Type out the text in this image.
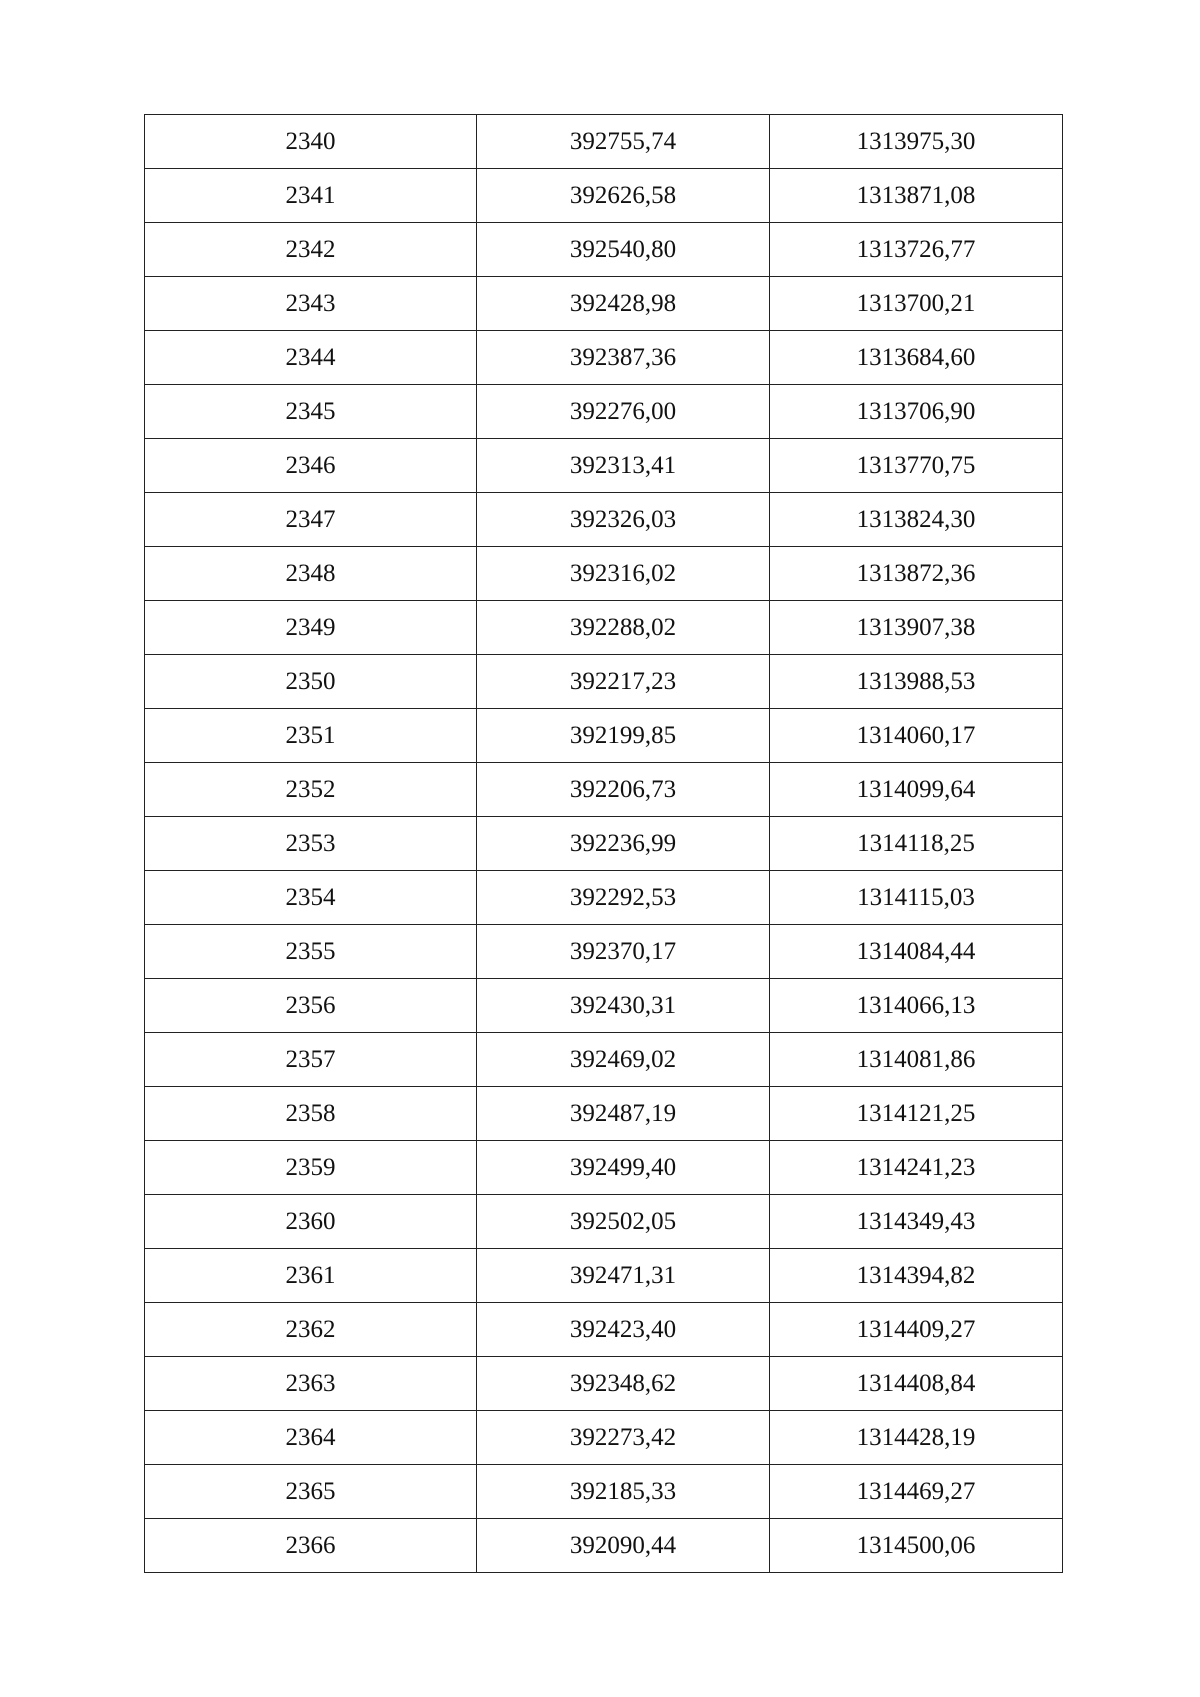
2340	392755,74	1313975,30
2341	392626,58	1313871,08
2342	392540,80	1313726,77
2343	392428,98	1313700,21
2344	392387,36	1313684,60
2345	392276,00	1313706,90
2346	392313,41	1313770,75
2347	392326,03	1313824,30
2348	392316,02	1313872,36
2349	392288,02	1313907,38
2350	392217,23	1313988,53
2351	392199,85	1314060,17
2352	392206,73	1314099,64
2353	392236,99	1314118,25
2354	392292,53	1314115,03
2355	392370,17	1314084,44
2356	392430,31	1314066,13
2357	392469,02	1314081,86
2358	392487,19	1314121,25
2359	392499,40	1314241,23
2360	392502,05	1314349,43
2361	392471,31	1314394,82
2362	392423,40	1314409,27
2363	392348,62	1314408,84
2364	392273,42	1314428,19
2365	392185,33	1314469,27
2366	392090,44	1314500,06
